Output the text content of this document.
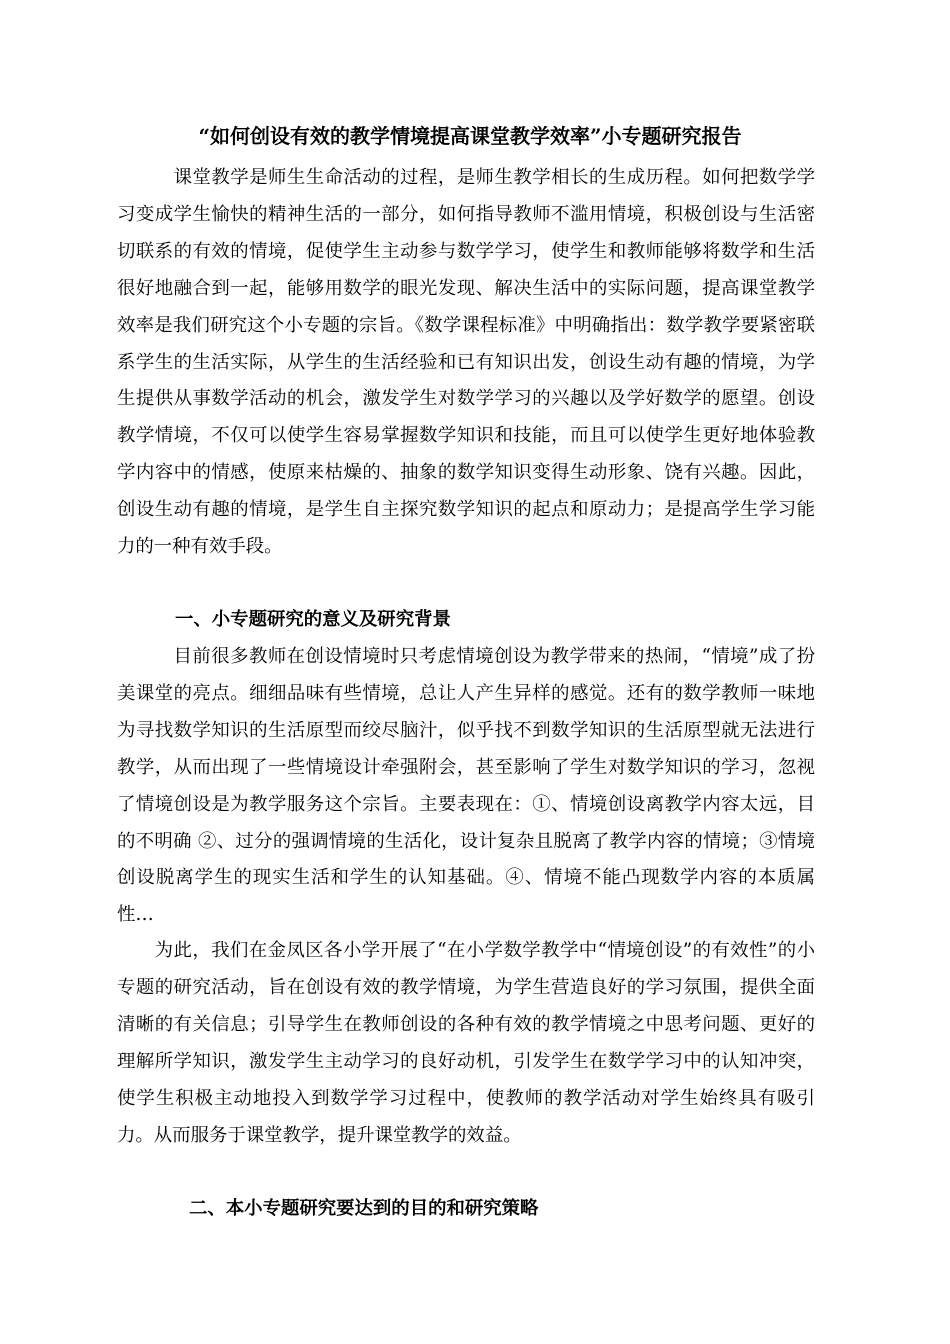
“如何创设有效的教学情境提高课堂教学效率”小专题研究报告

　　　课堂教学是师生生命活动的过程，是师生教学相长的生成历程。如何把数学学习变成学生愉快的精神生活的一部分，如何指导教师不滥用情境，积极创设与生活密切联系的有效的情境，促使学生主动参与数学学习，使学生和教师能够将数学和生活很好地融合到一起，能够用数学的眼光发现、解决生活中的实际问题，提高课堂教学效率是我们研究这个小专题的宗旨。《数学课程标准》中明确指出：数学教学要紧密联系学生的生活实际，从学生的生活经验和已有知识出发，创设生动有趣的情境，为学生提供从事数学活动的机会，激发学生对数学学习的兴趣以及学好数学的愿望。创设教学情境，不仅可以使学生容易掌握数学知识和技能，而且可以使学生更好地体验教学内容中的情感，使原来枯燥的、抽象的数学知识变得生动形象、饶有兴趣。因此，创设生动有趣的情境，是学生自主探究数学知识的起点和原动力；是提高学生学习能力的一种有效手段。

一、小专题研究的意义及研究背景

　　　目前很多教师在创设情境时只考虑情境创设为教学带来的热闹，“情境”成了扮美课堂的亮点。细细品味有些情境，总让人产生异样的感觉。还有的数学教师一味地为寻找数学知识的生活原型而绞尽脑汁，似乎找不到数学知识的生活原型就无法进行教学，从而出现了一些情境设计牵强附会，甚至影响了学生对数学知识的学习，忽视了情境创设是为教学服务这个宗旨。主要表现在：①、情境创设离教学内容太远，目的不明确 ②、过分的强调情境的生活化，设计复杂且脱离了教学内容的情境；③情境创设脱离学生的现实生活和学生的认知基础。④、情境不能凸现数学内容的本质属性…

　　为此，我们在金凤区各小学开展了“在小学数学教学中“情境创设”的有效性”的小专题的研究活动，旨在创设有效的教学情境，为学生营造良好的学习氛围，提供全面清晰的有关信息；引导学生在教师创设的各种有效的教学情境之中思考问题、更好的理解所学知识，激发学生主动学习的良好动机，引发学生在数学学习中的认知冲突，使学生积极主动地投入到数学学习过程中，使教师的教学活动对学生始终具有吸引力。从而服务于课堂教学，提升课堂教学的效益。

二、本小专题研究要达到的目的和研究策略
